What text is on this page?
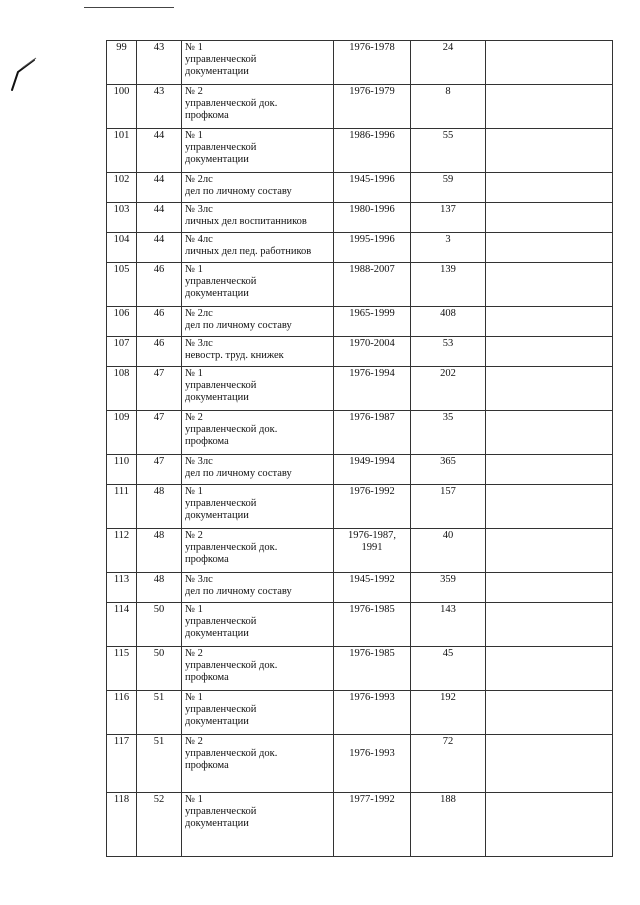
99	43	№ 1
управленческой
документации	1976-1978	24	
100	43	№ 2
управленческой док.
профкома	1976-1979	8	
101	44	№ 1
управленческой
документации	1986-1996	55	
102	44	№ 2лс
дел по личному составу	1945-1996	59	
103	44	№ 3лс
личных дел воспитанников	1980-1996	137	
104	44	№ 4лс
личных дел пед. работников	1995-1996	3	
105	46	№ 1
управленческой
документации	1988-2007	139	
106	46	№ 2лс
дел по личному составу	1965-1999	408	
107	46	№ 3лс
невостр. труд. книжек	1970-2004	53	
108	47	№ 1
управленческой
документации	1976-1994	202	
109	47	№ 2
управленческой док.
профкома	1976-1987	35	
110	47	№ 3лс
дел по личному составу	1949-1994	365	
111	48	№ 1
управленческой
документации	1976-1992	157	
112	48	№ 2
управленческой док.
профкома	1976-1987,
1991	40	
113	48	№ 3лс
дел по личному составу	1945-1992	359	
114	50	№ 1
управленческой
документации	1976-1985	143	
115	50	№ 2
управленческой док.
профкома	1976-1985	45	
116	51	№ 1
управленческой
документации	1976-1993	192	
117	51	№ 2
управленческой док.
профкома	1976-1993	72	
118	52	№ 1
управленческой
документации	1977-1992	188	
